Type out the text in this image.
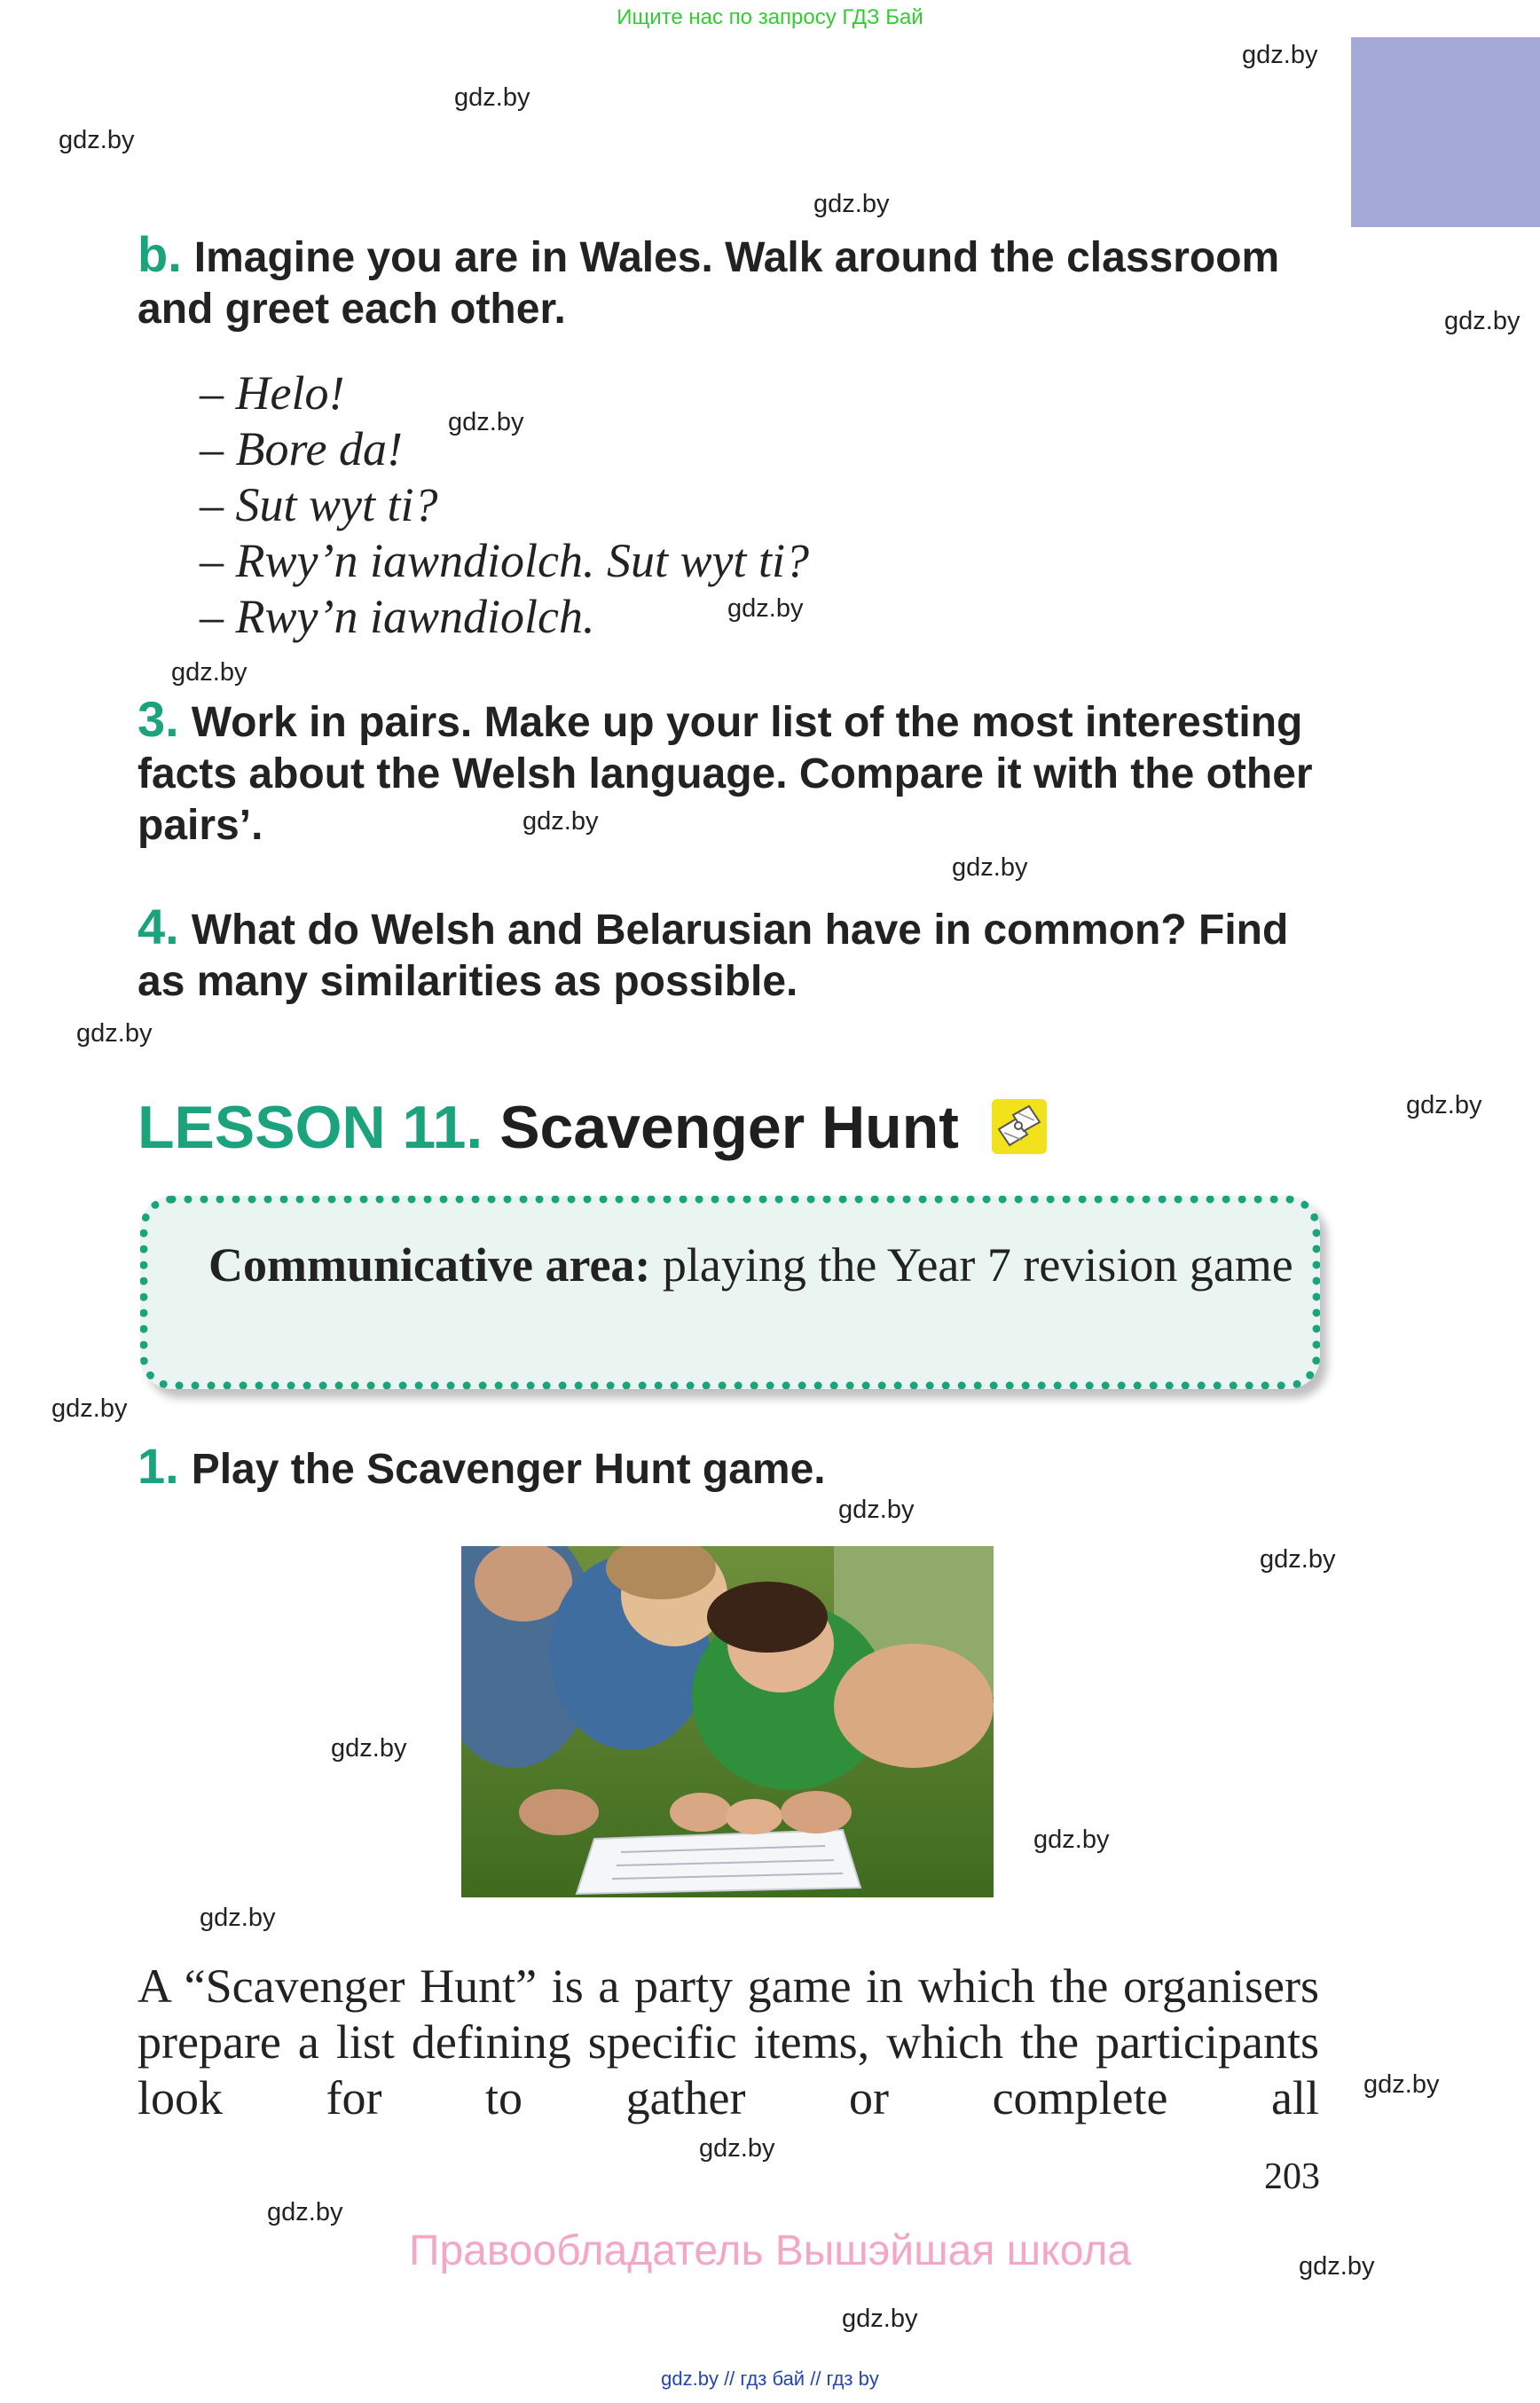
Ищите нас по запросу ГДЗ Бай
gdz.by
gdz.by
gdz.by
gdz.by
gdz.by
gdz.by
gdz.by
gdz.by
gdz.by
gdz.by
gdz.by
gdz.by
gdz.by
gdz.by
gdz.by
gdz.by
gdz.by
gdz.by
gdz.by
gdz.by
gdz.by
gdz.by
gdz.by
b. Imagine you are in Wales. Walk around the classroom and greet each other.
– Helo!
– Bore da!
– Sut wyt ti?
– Rwy’n iawndiolch. Sut wyt ti?
– Rwy’n iawndiolch.
3. Work in pairs. Make up your list of the most interesting facts about the Welsh language. Compare it with the other pairs’.
4. What do Welsh and Belarusian have in common? Find as many similarities as possible.
LESSON 11. Scavenger Hunt
Communicative area: playing the Year 7 revision game
1. Play the Scavenger Hunt game.
A “Scavenger Hunt” is a party game in which the organisers prepare a list defining specific items, which the participants look for to gather or complete all
203
Правообладатель Вышэйшая школа
gdz.by // гдз бай // гдз by
